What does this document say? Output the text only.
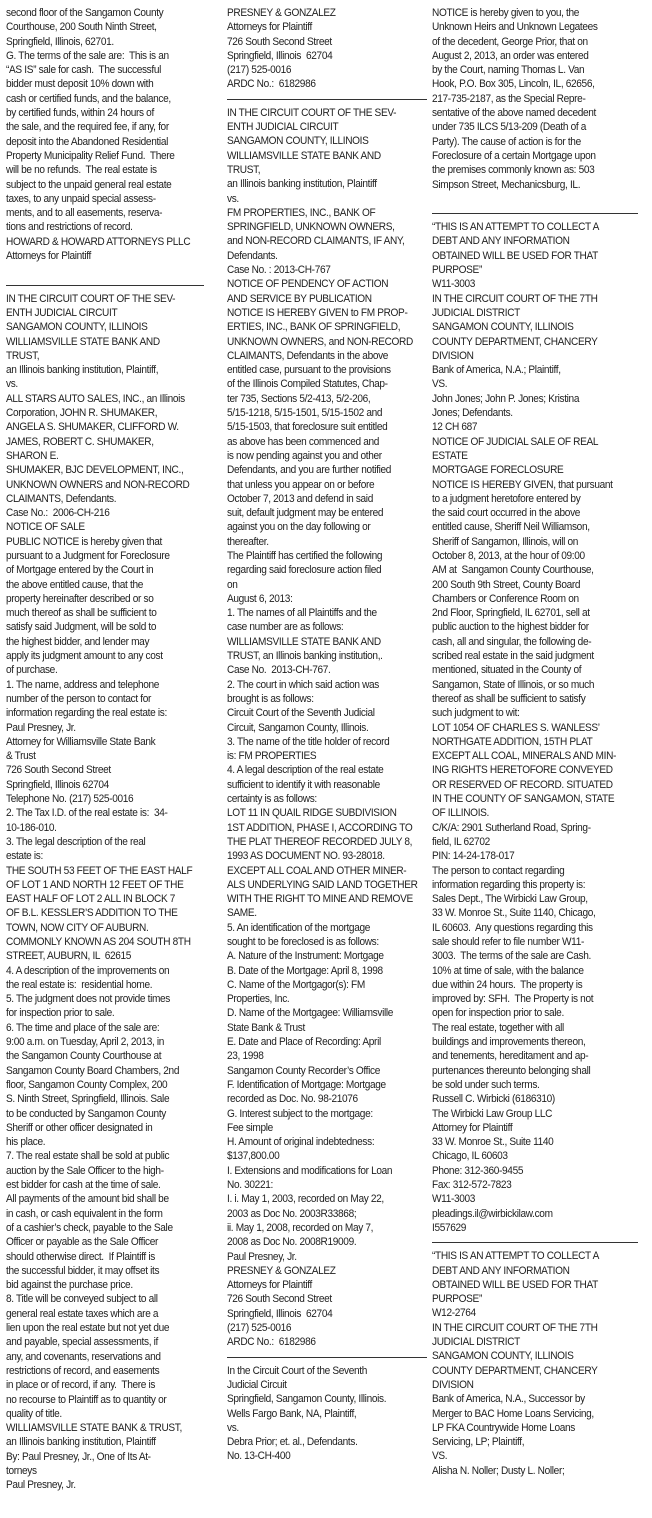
second floor of the Sangamon County
Courthouse, 200 South Ninth Street,
Springfield, Illinois, 62701.
G. The terms of the sale are:  This is an
“AS IS” sale for cash.  The successful
bidder must deposit 10% down with
cash or certified funds, and the balance,
by certified funds, within 24 hours of
the sale, and the required fee, if any, for
deposit into the Abandoned Residential
Property Municipality Relief Fund.  There
will be no refunds.  The real estate is
subject to the unpaid general real estate
taxes, to any unpaid special assess-
ments, and to all easements, reserva-
tions and restrictions of record.
HOWARD & HOWARD ATTORNEYS PLLC
Attorneys for Plaintiff
IN THE CIRCUIT COURT OF THE SEV-
ENTH JUDICIAL CIRCUIT
SANGAMON COUNTY, ILLINOIS
WILLIAMSVILLE STATE BANK AND
TRUST,
an Illinois banking institution, Plaintiff,
vs.
ALL STARS AUTO SALES, INC., an Illinois
Corporation, JOHN R. SHUMAKER,
ANGELA S. SHUMAKER, CLIFFORD W.
JAMES, ROBERT C. SHUMAKER,
SHARON E.
SHUMAKER, BJC DEVELOPMENT, INC.,
UNKNOWN OWNERS and NON-RECORD
CLAIMANTS, Defendants.
Case No.:  2006-CH-216
NOTICE OF SALE
PUBLIC NOTICE is hereby given that
pursuant to a Judgment for Foreclosure
of Mortgage entered by the Court in
the above entitled cause, that the
property hereinafter described or so
much thereof as shall be sufficient to
satisfy said Judgment, will be sold to
the highest bidder, and lender may
apply its judgment amount to any cost
of purchase.
1. The name, address and telephone
number of the person to contact for
information regarding the real estate is:
Paul Presney, Jr.
Attorney for Williamsville State Bank
& Trust
726 South Second Street
Springfield, Illinois 62704
Telephone No. (217) 525-0016
2. The Tax I.D. of the real estate is:  34-
10-186-010.
3. The legal description of the real
estate is:
THE SOUTH 53 FEET OF THE EAST HALF
OF LOT 1 AND NORTH 12 FEET OF THE
EAST HALF OF LOT 2 ALL IN BLOCK 7
OF B.L. KESSLER’S ADDITION TO THE
TOWN, NOW CITY OF AUBURN.
COMMONLY KNOWN AS 204 SOUTH 8TH
STREET, AUBURN, IL  62615
4. A description of the improvements on
the real estate is:  residential home.
5. The judgment does not provide times
for inspection prior to sale.
6. The time and place of the sale are:
9:00 a.m. on Tuesday, April 2, 2013, in
the Sangamon County Courthouse at
Sangamon County Board Chambers, 2nd
floor, Sangamon County Complex, 200
S. Ninth Street, Springfield, Illinois. Sale
to be conducted by Sangamon County
Sheriff or other officer designated in
his place.
7. The real estate shall be sold at public
auction by the Sale Officer to the high-
est bidder for cash at the time of sale.
All payments of the amount bid shall be
in cash, or cash equivalent in the form
of a cashier’s check, payable to the Sale
Officer or payable as the Sale Officer
should otherwise direct.  If Plaintiff is
the successful bidder, it may offset its
bid against the purchase price.
8. Title will be conveyed subject to all
general real estate taxes which are a
lien upon the real estate but not yet due
and payable, special assessments, if
any, and covenants, reservations and
restrictions of record, and easements
in place or of record, if any.  There is
no recourse to Plaintiff as to quantity or
quality of title.
WILLIAMSVILLE STATE BANK & TRUST,
an Illinois banking institution, Plaintiff
By: Paul Presney, Jr., One of Its At-
torneys
Paul Presney, Jr.
PRESNEY & GONZALEZ
Attorneys for Plaintiff
726 South Second Street
Springfield, Illinois  62704
(217) 525-0016
ARDC No.:  6182986
IN THE CIRCUIT COURT OF THE SEV-
ENTH JUDICIAL CIRCUIT
SANGAMON COUNTY, ILLINOIS
WILLIAMSVILLE STATE BANK AND
TRUST,
an Illinois banking institution, Plaintiff
vs.
FM PROPERTIES, INC., BANK OF
SPRINGFIELD, UNKNOWN OWNERS,
and NON-RECORD CLAIMANTS, IF ANY,
Defendants.
Case No. : 2013-CH-767
NOTICE OF PENDENCY OF ACTION
AND SERVICE BY PUBLICATION
NOTICE IS HEREBY GIVEN to FM PROP-
ERTIES, INC., BANK OF SPRINGFIELD,
UNKNOWN OWNERS, and NON-RECORD
CLAIMANTS, Defendants in the above
entitled case, pursuant to the provisions
of the Illinois Compiled Statutes, Chap-
ter 735, Sections 5/2-413, 5/2-206,
5/15-1218, 5/15-1501, 5/15-1502 and
5/15-1503, that foreclosure suit entitled
as above has been commenced and
is now pending against you and other
Defendants, and you are further notified
that unless you appear on or before
October 7, 2013 and defend in said
suit, default judgment may be entered
against you on the day following or
thereafter.
The Plaintiff has certified the following
regarding said foreclosure action filed
on
August 6, 2013:
1. The names of all Plaintiffs and the
case number are as follows:
WILLIAMSVILLE STATE BANK AND
TRUST, an Illinois banking institution,.
Case No.  2013-CH-767.
2. The court in which said action was
brought is as follows:
Circuit Court of the Seventh Judicial
Circuit, Sangamon County, Illinois.
3. The name of the title holder of record
is: FM PROPERTIES
4. A legal description of the real estate
sufficient to identify it with reasonable
certainty is as follows:
LOT 11 IN QUAIL RIDGE SUBDIVISION
1ST ADDITION, PHASE I, ACCORDING TO
THE PLAT THEREOF RECORDED JULY 8,
1993 AS DOCUMENT NO. 93-28018.
EXCEPT ALL COAL AND OTHER MINER-
ALS UNDERLYING SAID LAND TOGETHER
WITH THE RIGHT TO MINE AND REMOVE
SAME.
5. An identification of the mortgage
sought to be foreclosed is as follows:
A. Nature of the Instrument: Mortgage
B. Date of the Mortgage: April 8, 1998
C. Name of the Mortgagor(s): FM
Properties, Inc.
D. Name of the Mortgagee: Williamsville
State Bank & Trust
E. Date and Place of Recording: April
23, 1998
Sangamon County Recorder’s Office
F. Identification of Mortgage: Mortgage
recorded as Doc. No. 98-21076
G. Interest subject to the mortgage:
Fee simple
H. Amount of original indebtedness:
$137,800.00
I. Extensions and modifications for Loan
No. 30221:
I. i. May 1, 2003, recorded on May 22,
2003 as Doc No. 2003R33868;
ii. May 1, 2008, recorded on May 7,
2008 as Doc No. 2008R19009.
Paul Presney, Jr.
PRESNEY & GONZALEZ
Attorneys for Plaintiff
726 South Second Street
Springfield, Illinois  62704
(217) 525-0016
ARDC No.:  6182986
In the Circuit Court of the Seventh
Judicial Circuit
Springfield, Sangamon County, Illinois.
Wells Fargo Bank, NA, Plaintiff,
vs.
Debra Prior; et. al., Defendants.
No. 13-CH-400
NOTICE is hereby given to you, the
Unknown Heirs and Unknown Legatees
of the decedent, George Prior, that on
August 2, 2013, an order was entered
by the Court, naming Thomas L. Van
Hook, P.O. Box 305, Lincoln, IL, 62656,
217-735-2187, as the Special Repre-
sentative of the above named decedent
under 735 ILCS 5/13-209 (Death of a
Party). The cause of action is for the
Foreclosure of a certain Mortgage upon
the premises commonly known as: 503
Simpson Street, Mechanicsburg, IL.
“THIS IS AN ATTEMPT TO COLLECT A
DEBT AND ANY INFORMATION
OBTAINED WILL BE USED FOR THAT
PURPOSE”
W11-3003
IN THE CIRCUIT COURT OF THE 7TH
JUDICIAL DISTRICT
SANGAMON COUNTY, ILLINOIS
COUNTY DEPARTMENT, CHANCERY
DIVISION
Bank of America, N.A.; Plaintiff,
VS.
John Jones; John P. Jones; Kristina
Jones; Defendants.
12 CH 687
NOTICE OF JUDICIAL SALE OF REAL
ESTATE
MORTGAGE FORECLOSURE
NOTICE IS HEREBY GIVEN, that pursuant
to a judgment heretofore entered by
the said court occurred in the above
entitled cause, Sheriff Neil Williamson,
Sheriff of Sangamon, Illinois, will on
October 8, 2013, at the hour of 09:00
AM at  Sangamon County Courthouse,
200 South 9th Street, County Board
Chambers or Conference Room on
2nd Floor, Springfield, IL 62701, sell at
public auction to the highest bidder for
cash, all and singular, the following de-
scribed real estate in the said judgment
mentioned, situated in the County of
Sangamon, State of Illinois, or so much
thereof as shall be sufficient to satisfy
such judgment to wit:
LOT 1054 OF CHARLES S. WANLESS’
NORTHGATE ADDITION, 15TH PLAT
EXCEPT ALL COAL, MINERALS AND MIN-
ING RIGHTS HERETOFORE CONVEYED
OR RESERVED OF RECORD. SITUATED
IN THE COUNTY OF SANGAMON, STATE
OF ILLINOIS.
C/K/A: 2901 Sutherland Road, Spring-
field, IL 62702
PIN: 14-24-178-017
The person to contact regarding
information regarding this property is:
Sales Dept., The Wirbicki Law Group,
33 W. Monroe St., Suite 1140, Chicago,
IL 60603.  Any questions regarding this
sale should refer to file number W11-
3003.  The terms of the sale are Cash.
10% at time of sale, with the balance
due within 24 hours.  The property is
improved by: SFH.  The Property is not
open for inspection prior to sale.
The real estate, together with all
buildings and improvements thereon,
and tenements, hereditament and ap-
purtenances thereunto belonging shall
be sold under such terms.
Russell C. Wirbicki (6186310)
The Wirbicki Law Group LLC
Attorney for Plaintiff
33 W. Monroe St., Suite 1140
Chicago, IL 60603
Phone: 312-360-9455
Fax: 312-572-7823
W11-3003
pleadings.il@wirbickilaw.com
I557629
“THIS IS AN ATTEMPT TO COLLECT A
DEBT AND ANY INFORMATION
OBTAINED WILL BE USED FOR THAT
PURPOSE”
W12-2764
IN THE CIRCUIT COURT OF THE 7TH
JUDICIAL DISTRICT
SANGAMON COUNTY, ILLINOIS
COUNTY DEPARTMENT, CHANCERY
DIVISION
Bank of America, N.A., Successor by
Merger to BAC Home Loans Servicing,
LP FKA Countrywide Home Loans
Servicing, LP; Plaintiff,
VS.
Alisha N. Noller; Dusty L. Noller;
